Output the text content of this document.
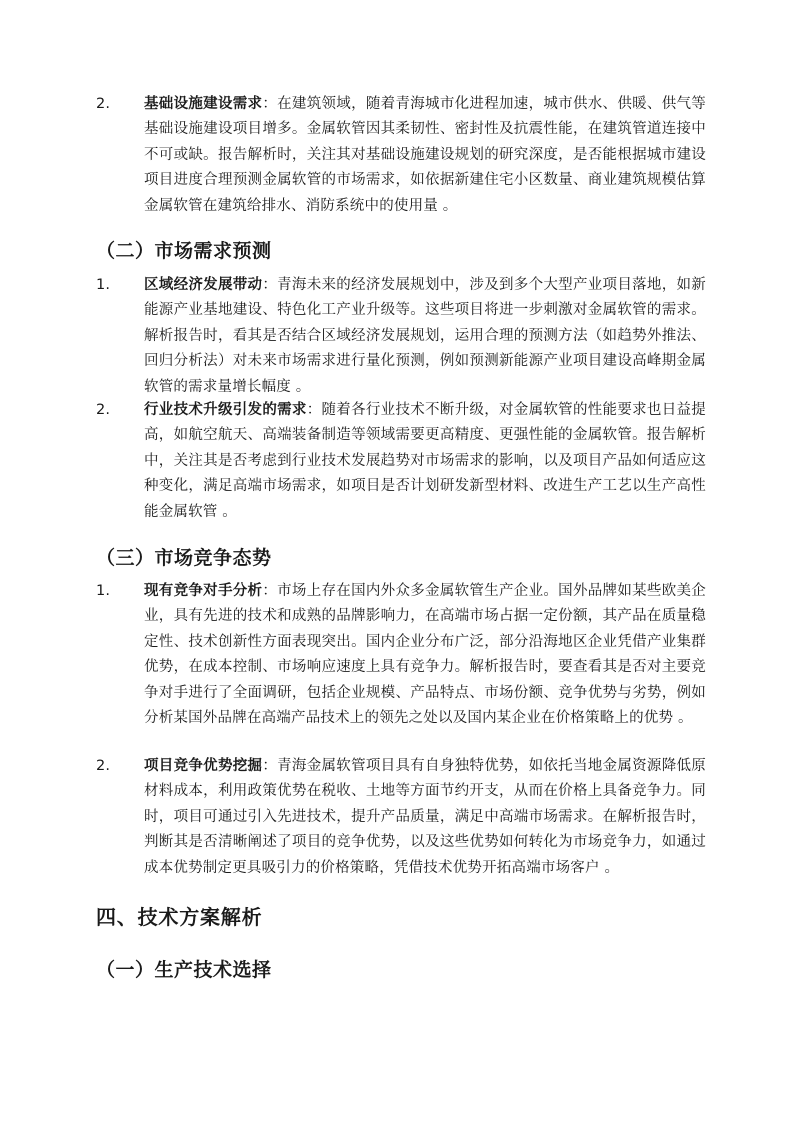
2. 基础设施建设需求：在建筑领域，随着青海城市化进程加速，城市供水、供暖、供气等基础设施建设项目增多。金属软管因其柔韧性、密封性及抗震性能，在建筑管道连接中不可或缺。报告解析时，关注其对基础设施建设规划的研究深度，是否能根据城市建设项目进度合理预测金属软管的市场需求，如依据新建住宅小区数量、商业建筑规模估算金属软管在建筑给排水、消防系统中的使用量 。
（二）市场需求预测
1. 区域经济发展带动：青海未来的经济发展规划中，涉及到多个大型产业项目落地，如新能源产业基地建设、特色化工产业升级等。这些项目将进一步刺激对金属软管的需求。解析报告时，看其是否结合区域经济发展规划，运用合理的预测方法（如趋势外推法、回归分析法）对未来市场需求进行量化预测，例如预测新能源产业项目建设高峰期金属软管的需求量增长幅度 。
2. 行业技术升级引发的需求：随着各行业技术不断升级，对金属软管的性能要求也日益提高，如航空航天、高端装备制造等领域需要更高精度、更强性能的金属软管。报告解析中，关注其是否考虑到行业技术发展趋势对市场需求的影响，以及项目产品如何适应这种变化，满足高端市场需求，如项目是否计划研发新型材料、改进生产工艺以生产高性能金属软管 。
（三）市场竞争态势
1. 现有竞争对手分析：市场上存在国内外众多金属软管生产企业。国外品牌如某些欧美企业，具有先进的技术和成熟的品牌影响力，在高端市场占据一定份额，其产品在质量稳定性、技术创新性方面表现突出。国内企业分布广泛，部分沿海地区企业凭借产业集群优势，在成本控制、市场响应速度上具有竞争力。解析报告时，要查看其是否对主要竞争对手进行了全面调研，包括企业规模、产品特点、市场份额、竞争优势与劣势，例如分析某国外品牌在高端产品技术上的领先之处以及国内某企业在价格策略上的优势 。
2. 项目竞争优势挖掘：青海金属软管项目具有自身独特优势，如依托当地金属资源降低原材料成本，利用政策优势在税收、土地等方面节约开支，从而在价格上具备竞争力。同时，项目可通过引入先进技术，提升产品质量，满足中高端市场需求。在解析报告时，判断其是否清晰阐述了项目的竞争优势，以及这些优势如何转化为市场竞争力，如通过成本优势制定更具吸引力的价格策略，凭借技术优势开拓高端市场客户 。
四、技术方案解析
（一）生产技术选择
